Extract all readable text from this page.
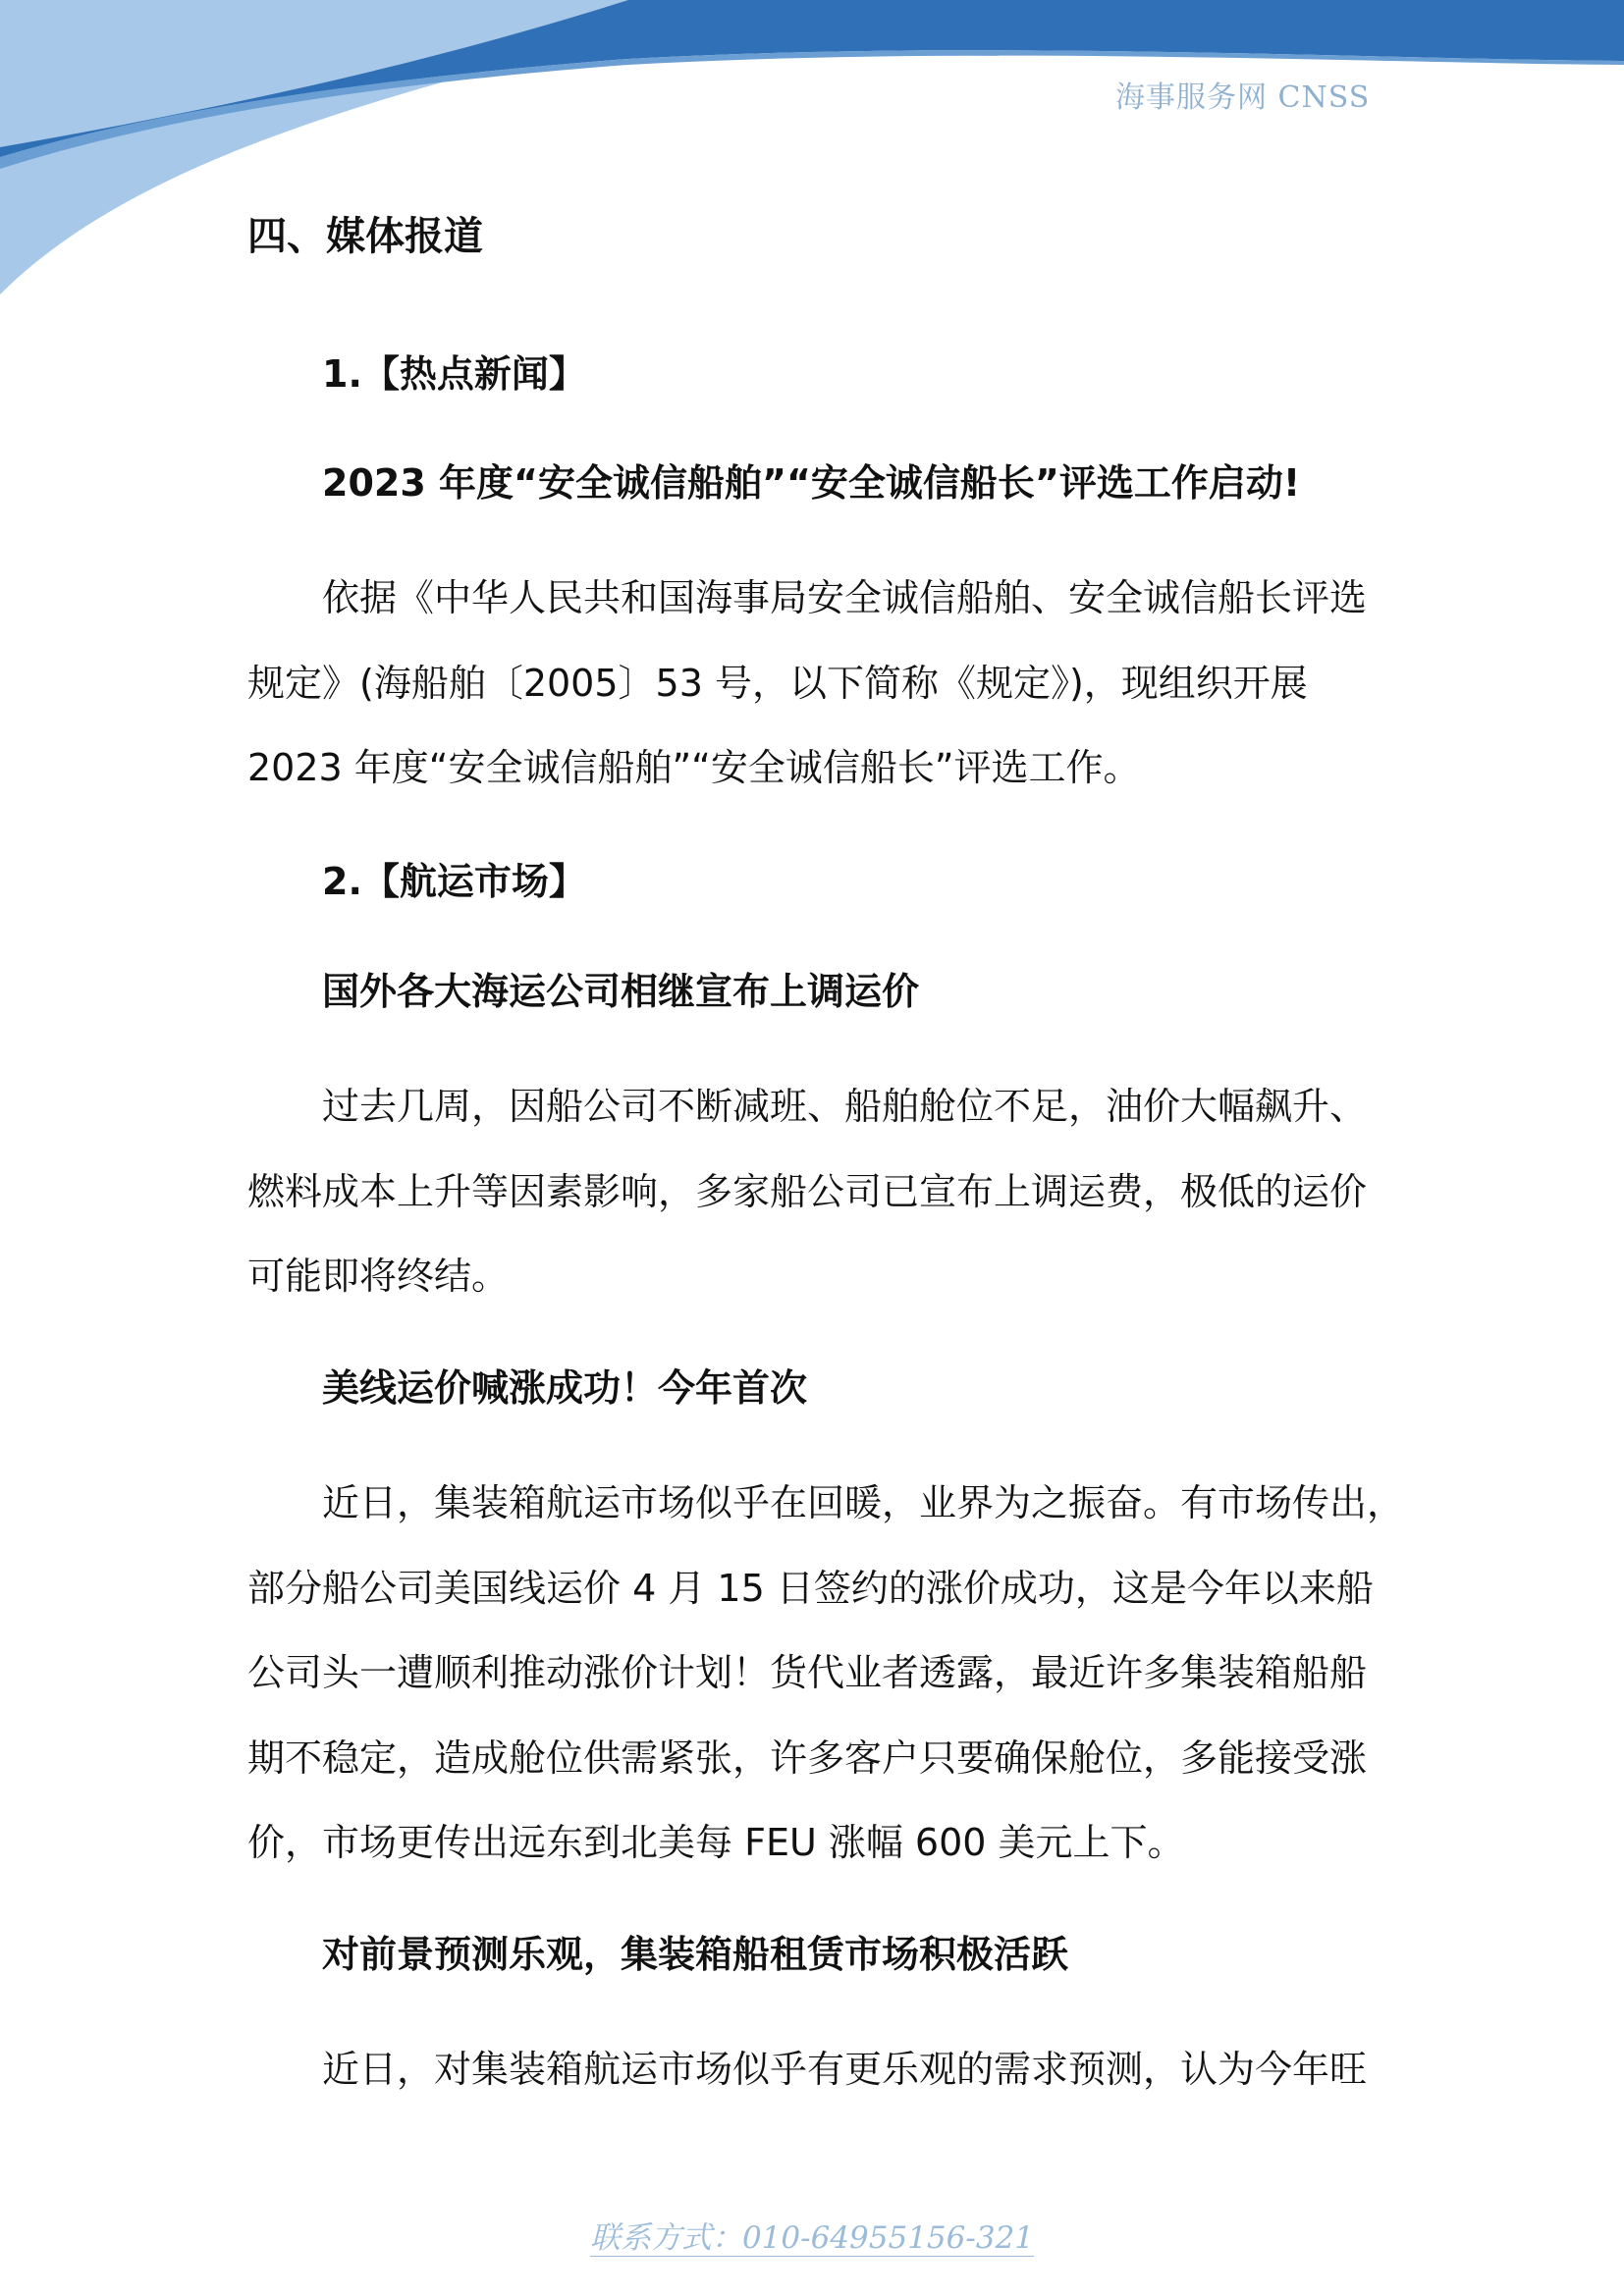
海事服务网 CNSS
四、媒体报道
1.【热点新闻】
2023 年度“安全诚信船舶”“安全诚信船长”评选工作启动!
依据《中华人民共和国海事局安全诚信船舶、安全诚信船长评选
规定》(海船舶〔2005〕53 号，以下简称《规定》)，现组织开展
2023 年度“安全诚信船舶”“安全诚信船长”评选工作。
2.【航运市场】
国外各大海运公司相继宣布上调运价
过去几周，因船公司不断减班、船舶舱位不足，油价大幅飙升、
燃料成本上升等因素影响，多家船公司已宣布上调运费，极低的运价
可能即将终结。
美线运价喊涨成功！今年首次
近日，集装箱航运市场似乎在回暖，业界为之振奋。有市场传出，
部分船公司美国线运价 4 月 15 日签约的涨价成功，这是今年以来船
公司头一遭顺利推动涨价计划！货代业者透露，最近许多集装箱船船
期不稳定，造成舱位供需紧张，许多客户只要确保舱位，多能接受涨
价，市场更传出远东到北美每 FEU 涨幅 600 美元上下。
对前景预测乐观，集装箱船租赁市场积极活跃
近日，对集装箱航运市场似乎有更乐观的需求预测，认为今年旺
联系方式：010-64955156-321
